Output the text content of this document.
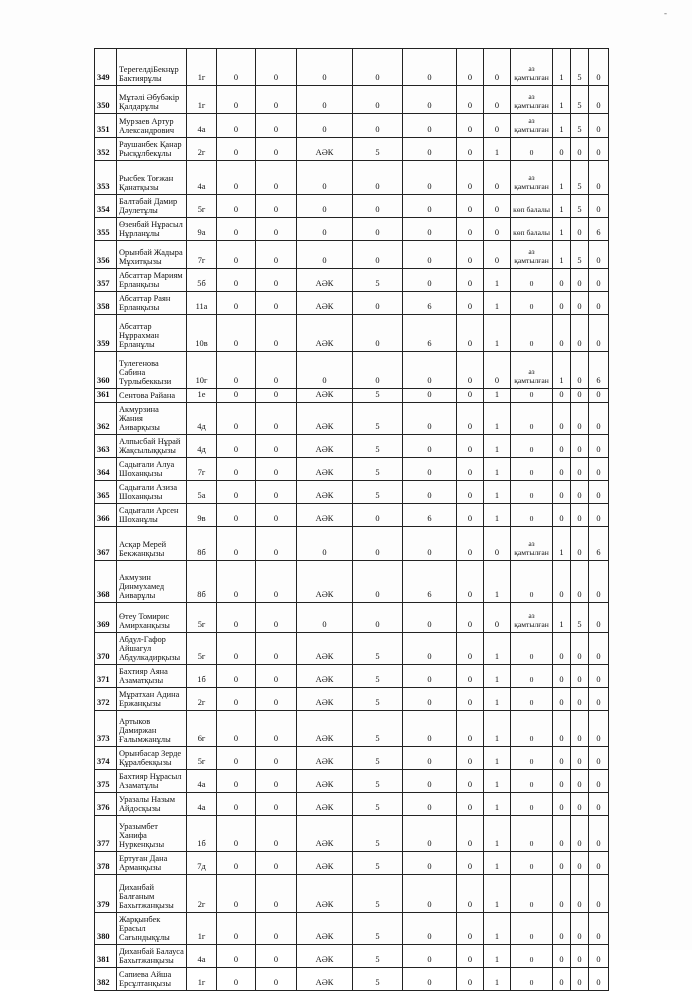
-
349	ТерегелдіБекнұр Бактиярұлы	1г	0	0	0	0	0	0	0	аз қамтылған	1	5	0
350	Мұтәлі Әбубәкір Қалдарұлы	1г	0	0	0	0	0	0	0	аз қамтылған	1	5	0
351	Мурзаев Артур Александрович	4а	0	0	0	0	0	0	0	аз қамтылған	1	5	0
352	Раушанбек Қанар Рысқұлбекұлы	2г	0	0	АӘК	5	0	0	1	0	0	0	0
353	Рысбек Тоғжан Қанатқызы	4а	0	0	0	0	0	0	0	аз қамтылған	1	5	0
354	Балтабай Дамир Дәулетұлы	5г	0	0	0	0	0	0	0	көп балалы	1	5	0
355	Өзенбай Нұрасыл Нұрланұлы	9а	0	0	0	0	0	0	0	көп балалы	1	0	6
356	Орынбай Жадыра Мұхитқызы	7г	0	0	0	0	0	0	0	аз қамтылған	1	5	0
357	Абсаттар Мариям Ерланқызы	5б	0	0	АӘК	5	0	0	1	0	0	0	0
358	Абсаттар Раян Ерланқызы	11а	0	0	АӘК	0	6	0	1	0	0	0	0
359	Абсаттар Нұррахман Ерланұлы	10в	0	0	АӘК	0	6	0	1	0	0	0	0
360	Тулегенова Сабина Турлыбеккызи	10г	0	0	0	0	0	0	0	аз қамтылған	1	0	6
361	Сентова Райана	1е	0	0	АӘК	5	0	0	1	0	0	0	0
362	Акмурзина Жания Аиварқызы	4д	0	0	АӘК	5	0	0	1	0	0	0	0
363	Алпысбай Нұрай Жақсылыққызы	4д	0	0	АӘК	5	0	0	1	0	0	0	0
364	Садығали Алуа Шоханқызы	7г	0	0	АӘК	5	0	0	1	0	0	0	0
365	Садығали Азиза Шоханқызы	5а	0	0	АӘК	5	0	0	1	0	0	0	0
366	Садығали Арсен Шоханұлы	9в	0	0	АӘК	0	6	0	1	0	0	0	0
367	Асқар Мерей Бекжанқызы	8б	0	0	0	0	0	0	0	аз қамтылған	1	0	6
368	Акмузин Динмухамед Аиварұлы	8б	0	0	АӘК	0	6	0	1	0	0	0	0
369	Өтеу Томирис Амирханқызы	5г	0	0	0	0	0	0	0	аз қамтылған	1	5	0
370	Абдул-Гафор Айшагул Абдулкадирқызы	5г	0	0	АӘК	5	0	0	1	0	0	0	0
371	Бахтияр Аяна Азаматқызы	1б	0	0	АӘК	5	0	0	1	0	0	0	0
372	Мұратхан Адина Ержанқызы	2г	0	0	АӘК	5	0	0	1	0	0	0	0
373	Артыков Дамиржан Ғалымжанұлы	6г	0	0	АӘК	5	0	0	1	0	0	0	0
374	Орынбасар Зерде Құралбекқызы	5г	0	0	АӘК	5	0	0	1	0	0	0	0
375	Бахтияр Нұрасыл Азаматұлы	4а	0	0	АӘК	5	0	0	1	0	0	0	0
376	Уразалы Назым Айдосқызы	4а	0	0	АӘК	5	0	0	1	0	0	0	0
377	Уразымбет Ханифа Нуркенқызы	1б	0	0	АӘК	5	0	0	1	0	0	0	0
378	Ертуған Дана Арманқызы	7д	0	0	АӘК	5	0	0	1	0	0	0	0
379	Диханбай Балғаным Бахытжанқызы	2г	0	0	АӘК	5	0	0	1	0	0	0	0
380	Жарқынбек Ерасыл Сағындықұлы	1г	0	0	АӘК	5	0	0	1	0	0	0	0
381	Диханбай Балауса Бахытжанқызы	4а	0	0	АӘК	5	0	0	1	0	0	0	0
382	Сапиева Айша Ерсұлтанқызы	1г	0	0	АӘК	5	0	0	1	0	0	0	0
